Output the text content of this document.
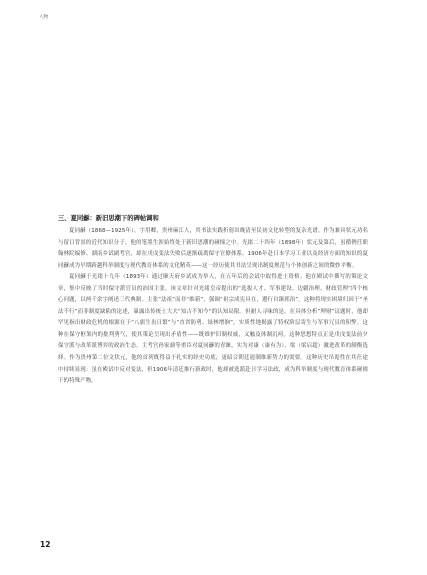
人物
三、夏同龢：新旧思潮下的碑帖调和

夏同龢（1868—1925年），字用卿，贵州麻江人，其书法实践折射出晚清至民初文化转型的复杂光谱。作为兼具状元功名与留日背景的近代知识分子，他的笔墨生涯始终处于新旧思潮的碰撞之中。光绪二十四年（1898年）状元及第后，虽循例任职翰林院编修、湖南乡试副考官，却在戊戌变法失败后逐渐疏离保守官僚体系。1906年赴日本学习工业以及经济方面的知识的夏同龢成为早期跨越科举制度与现代教育体系的文化精英——这一经历使其书法呈现出制度规范与个体创新之间的微妙平衡。

夏同龢于光绪十九年（1893年）通过顺天府乡试成为举人，在五年后的会试中取得进士资格。他在殿试中撰写的策论文章，集中反映了当时保守派官员的治国主张。该文章针对光绪皇帝提出的“选拔人才、军事建设、边疆治理、财政管理”四个核心问题，以两千余字阐述三代典制。主张“法祖”而非“维新”，强调“祖宗成宪具在，遵行自臻郅治”。这种将现实困境归因于“圣法不行”而非制度缺陷的论述，暴露出传统士大夫“知古不知今”的认知局限。但耐人寻味的是，在具体分析“理财”议题时，他却罕见指出财政危机的根源在于“八旗生齿日繁”与“直省防勇、绿林增饷”，实质性地揭露了特权阶层寄生与军事冗员的积弊。这种在保守框架内的批判勇气，使其策论呈现出矛盾性——既维护旧制权威，又触及体制沉疴。这种思想特点正是戊戌变法前夕保守派与改革派博弈的政治生态。主考官孙家鼐等重臣对夏同龢的青睐，实为对康（康有为）、梁（梁启超）激进改革的制衡选择。作为贵州第二位文状元，他的首列既得益于扎实的经史功底，更暗合朝廷遏制维新势力的需要。这种历史吊诡性在其仕途中持续显现：虽在殿试中反对变法，但1906年清廷推行新政时，他却被选派赴日学习法政，成为科举制度与现代教育体系碰撞下的特殊产物。

12
